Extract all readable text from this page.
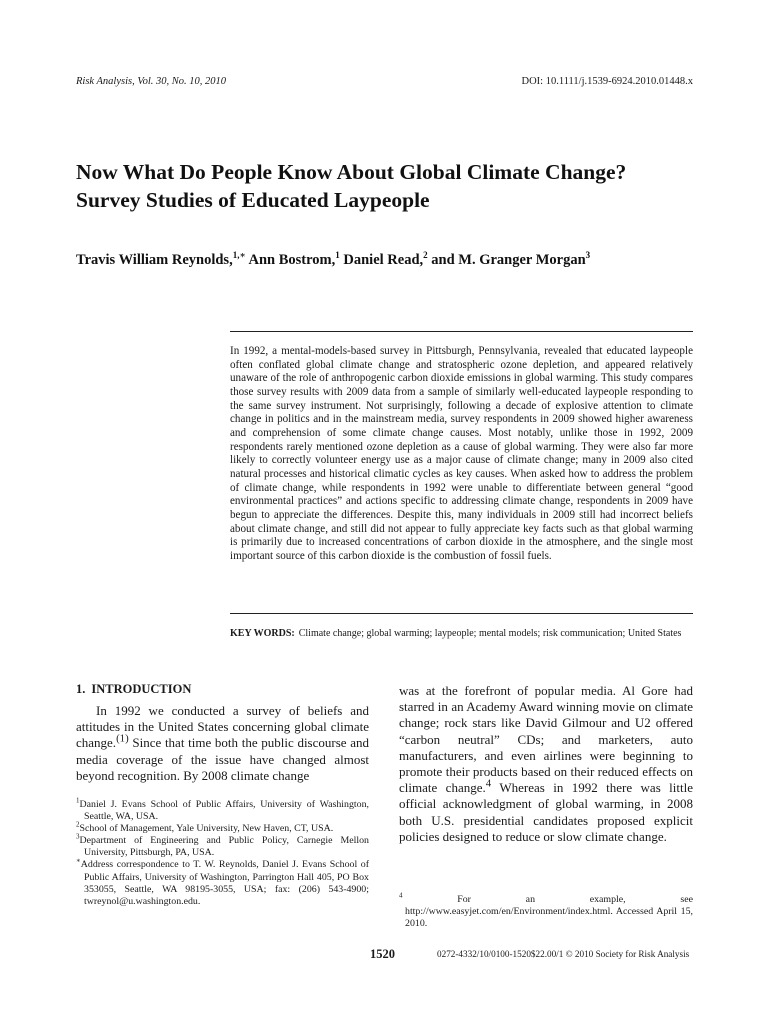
Risk Analysis, Vol. 30, No. 10, 2010	DOI: 10.1111/j.1539-6924.2010.01448.x
Now What Do People Know About Global Climate Change?
Survey Studies of Educated Laypeople
Travis William Reynolds,$^{1,∗}$ Ann Bostrom,$^1$ Daniel Read,$^2$ and M. Granger Morgan$^3$

In 1992, a mental-models-based survey in Pittsburgh, Pennsylvania, revealed that educated laypeople often conflated global climate change and stratospheric ozone depletion, and appeared relatively unaware of the role of anthropogenic carbon dioxide emissions in global warming. This study compares those survey results with 2009 data from a sample of similarly well-educated laypeople responding to the same survey instrument. Not surprisingly, following a decade of explosive attention to climate change in politics and in the mainstream media, survey respondents in 2009 showed higher awareness and comprehension of some climate change causes. Most notably, unlike those in 1992, 2009 respondents rarely mentioned ozone depletion as a cause of global warming. They were also far more likely to correctly volunteer energy use as a major cause of climate change; many in 2009 also cited natural processes and historical climatic cycles as key causes. When asked how to address the problem of climate change, while respondents in 1992 were unable to differentiate between general “good environmental practices” and actions specific to addressing climate change, respondents in 2009 have begun to appreciate the differences. Despite this, many individuals in 2009 still had incorrect beliefs about climate change, and still did not appear to fully appreciate key facts such as that global warming is primarily due to increased concentrations of carbon dioxide in the atmosphere, and the single most important source of this carbon dioxide is the combustion of fossil fuels.

KEY WORDS: Climate change; global warming; laypeople; mental models; risk communication; United States
1. INTRODUCTION

In 1992 we conducted a survey of beliefs and attitudes in the United States concerning global climate change.$^{(1)}$ Since that time both the public discourse and media coverage of the issue have changed almost beyond recognition. By 2008 climate change

was at the forefront of popular media. Al Gore had starred in an Academy Award winning movie on climate change; rock stars like David Gilmour and U2 offered “carbon neutral” CDs; and marketers, auto manufacturers, and even airlines were beginning to promote their products based on their reduced effects on climate change.$^4$ Whereas in 1992 there was little official acknowledgment of global warming, in 2008 both U.S. presidential candidates proposed explicit policies designed to reduce or slow climate change.

$^1$Daniel J. Evans School of Public Affairs, University of Washington, Seattle, WA, USA.

$^2$School of Management, Yale University, New Haven, CT, USA.

$^3$Department of Engineering and Public Policy, Carnegie Mellon University, Pittsburgh, PA, USA.

∗Address correspondence to T. W. Reynolds, Daniel J. Evans School of Public Affairs, University of Washington, Parrington Hall 405, PO Box 353055, Seattle, WA 98195-3055, USA; fax: (206) 543-4900; twreynol@u.washington.edu.

$^4$	For an example, see http://www.easyjet.com/en/Environment/index.html. Accessed April 15, 2010.
1520	0272-4332/10/0100-1520$22.00/1 © 2010 Society for Risk Analysis
